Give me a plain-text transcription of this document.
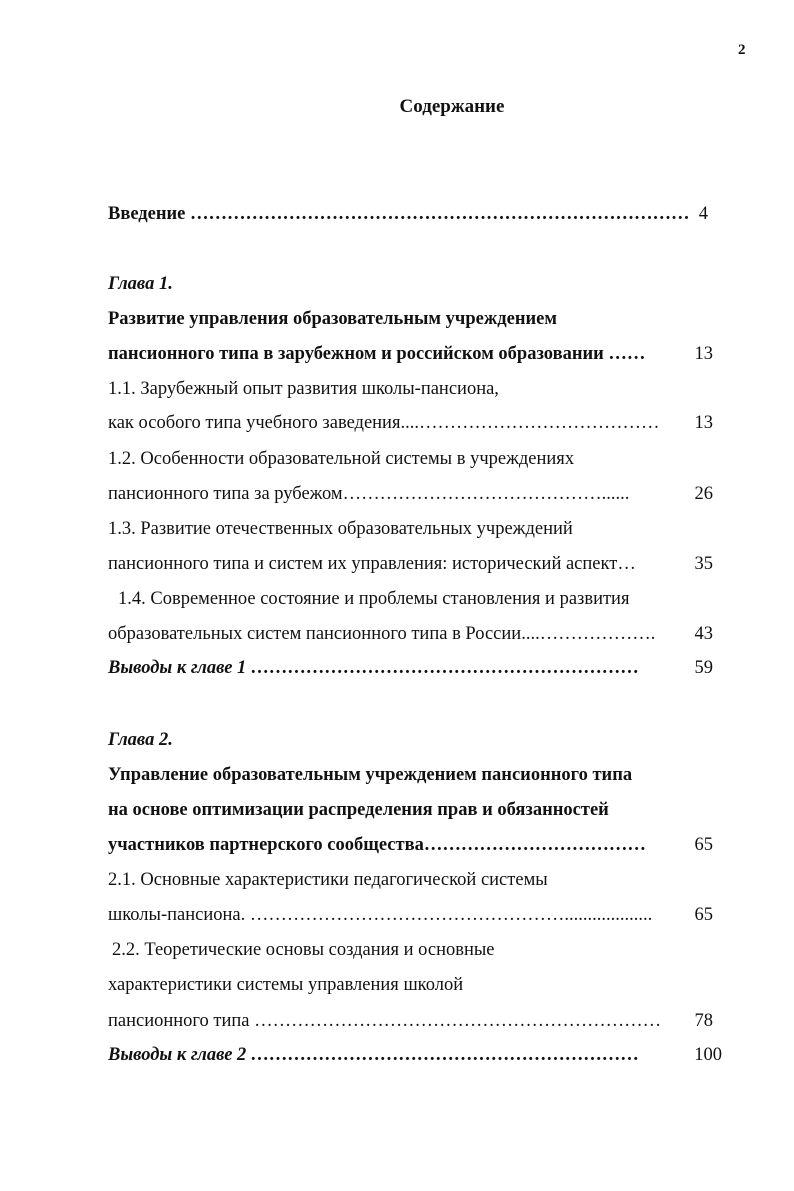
2
Содержание
Введение ……………………………………………………………………… 4
Глава 1.
Развитие управления образовательным учреждением
пансионного типа в зарубежном и российском образовании ……	13
1.1. Зарубежный опыт развития школы-пансиона,
как особого типа учебного заведения....…………………………………	13
1.2. Особенности образовательной системы в учреждениях
пансионного типа за рубежом……………………………………......	26
1.3. Развитие отечественных образовательных учреждений
пансионного типа и систем их управления: исторический аспект…	35
1.4. Современное состояние и проблемы становления и развития
образовательных систем пансионного типа в России....……………….	43
Выводы к главе 1 ………………………………………………………	59
Глава 2.
Управление образовательным учреждением пансионного типа
на основе оптимизации распределения прав и обязанностей
участников партнерского сообщества………………………………	65
2.1. Основные характеристики педагогической системы
школы-пансиона. ……………………………………………...................	65
2.2. Теоретические основы создания и основные
характеристики системы управления школой
пансионного типа …………………………………………………………	78
Выводы к главе 2 ………………………………………………………	100
